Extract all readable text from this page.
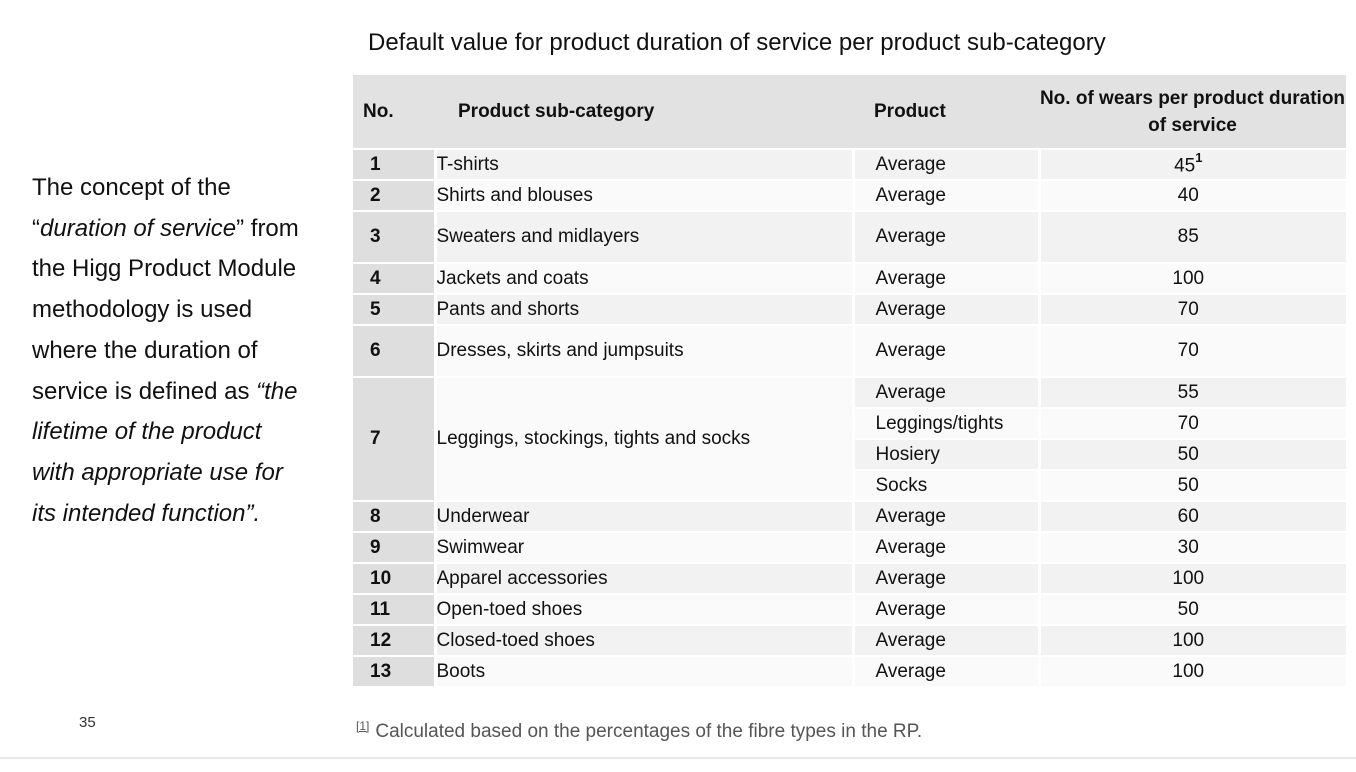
The concept of the
“duration of service” from
the Higg Product Module
methodology is used
where the duration of
service is defined as “the
lifetime of the product
with appropriate use for
its intended function”.
35
Default value for product duration of service per product sub-category
No.	Product sub-category	Product	No. of wears per product duration of service
1	T-shirts	Average	$45^1$
2	Shirts and blouses	Average	40
3	Sweaters and midlayers	Average	85
4	Jackets and coats	Average	100
5	Pants and shorts	Average	70
6	Dresses, skirts and jumpsuits	Average	70
7	Leggings, stockings, tights and socks	Average	55
		Leggings/tights	70
		Hosiery	50
		Socks	50
8	Underwear	Average	60
9	Swimwear	Average	30
10	Apparel accessories	Average	100
11	Open-toed shoes	Average	50
12	Closed-toed shoes	Average	100
13	Boots	Average	100
[1] Calculated based on the percentages of the fibre types in the RP.
